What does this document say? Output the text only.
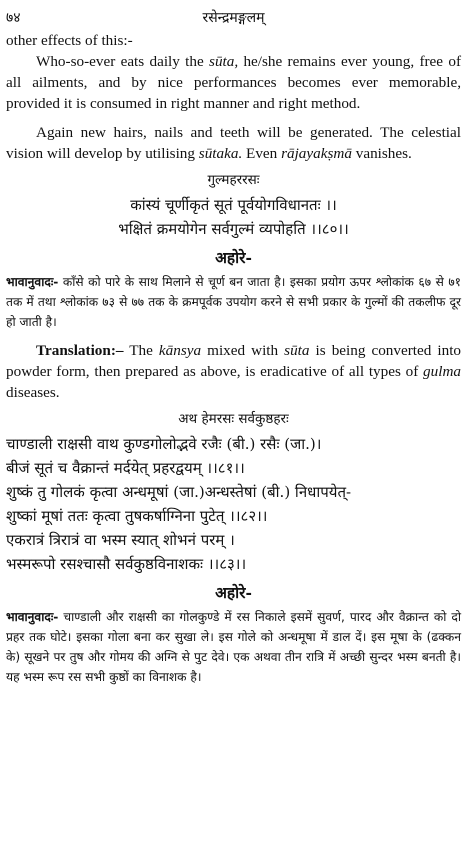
७४	रसेन्द्रमङ्गलम्

other effects of this:-

Who-so-ever eats daily the sūta, he/she remains ever young, free of all ailments, and by nice performances becomes ever memorable, provided it is consumed in right manner and right method.

Again new hairs, nails and teeth will be generated. The celestial vision will develop by utilising sūtaka. Even rājayakṣmā vanishes.

गुल्महररसः

कांस्यं चूर्णीकृतं सूतं पूर्वयोगविधानतः ।।

भक्षितं क्रमयोगेन सर्वगुल्मं व्यपोहति ।।८०।।

अहोरे-

भावानुवादः- काँसे को पारे के साथ मिलाने से चूर्ण बन जाता है। इसका प्रयोग ऊपर श्लोकांक ६७ से ७१ तक में तथा श्लोकांक ७३ से ७७ तक के क्रमपूर्वक उपयोग करने से सभी प्रकार के गुल्मों की तकलीफ दूर हो जाती है।

Translation:– The kānsya mixed with sūta is being converted into powder form, then prepared as above, is eradicative of all types of gulma diseases.

अथ हेमरसः सर्वकुष्ठहरः

चाण्डाली राक्षसी वाथ कुण्डगोलोद्भवे रजैः (बी.) रसैः (जा.)।

बीजं सूतं च वैक्रान्तं मर्दयेत् प्रहरद्वयम् ।।८१।।

शुष्कं तु गोलकं कृत्वा अन्धमूषां (जा.)अन्धस्तेषां (बी.) निधापयेत्-

शुष्कां मूषां ततः कृत्वा तुषकर्षाग्निना पुटेत् ।।८२।।

एकरात्रं त्रिरात्रं वा भस्म स्यात् शोभनं परम् ।

भस्मरूपो रसश्चासौ सर्वकुष्ठविनाशकः ।।८३।।

अहोरे-

भावानुवादः- चाण्डाली और राक्षसी का गोलकुण्डे में रस निकाले इसमें सुवर्ण, पारद और वैक्रान्त को दो प्रहर तक घोटे। इसका गोला बना कर सुखा ले। इस गोले को अन्धमूषा में डाल दें। इस मूषा के (ढक्कन के) सूखने पर तुष और गोमय की अग्नि से पुट देवे। एक अथवा तीन रात्रि में अच्छी सुन्दर भस्म बनती है। यह भस्म रूप रस सभी कुष्ठों का विनाशक है।
